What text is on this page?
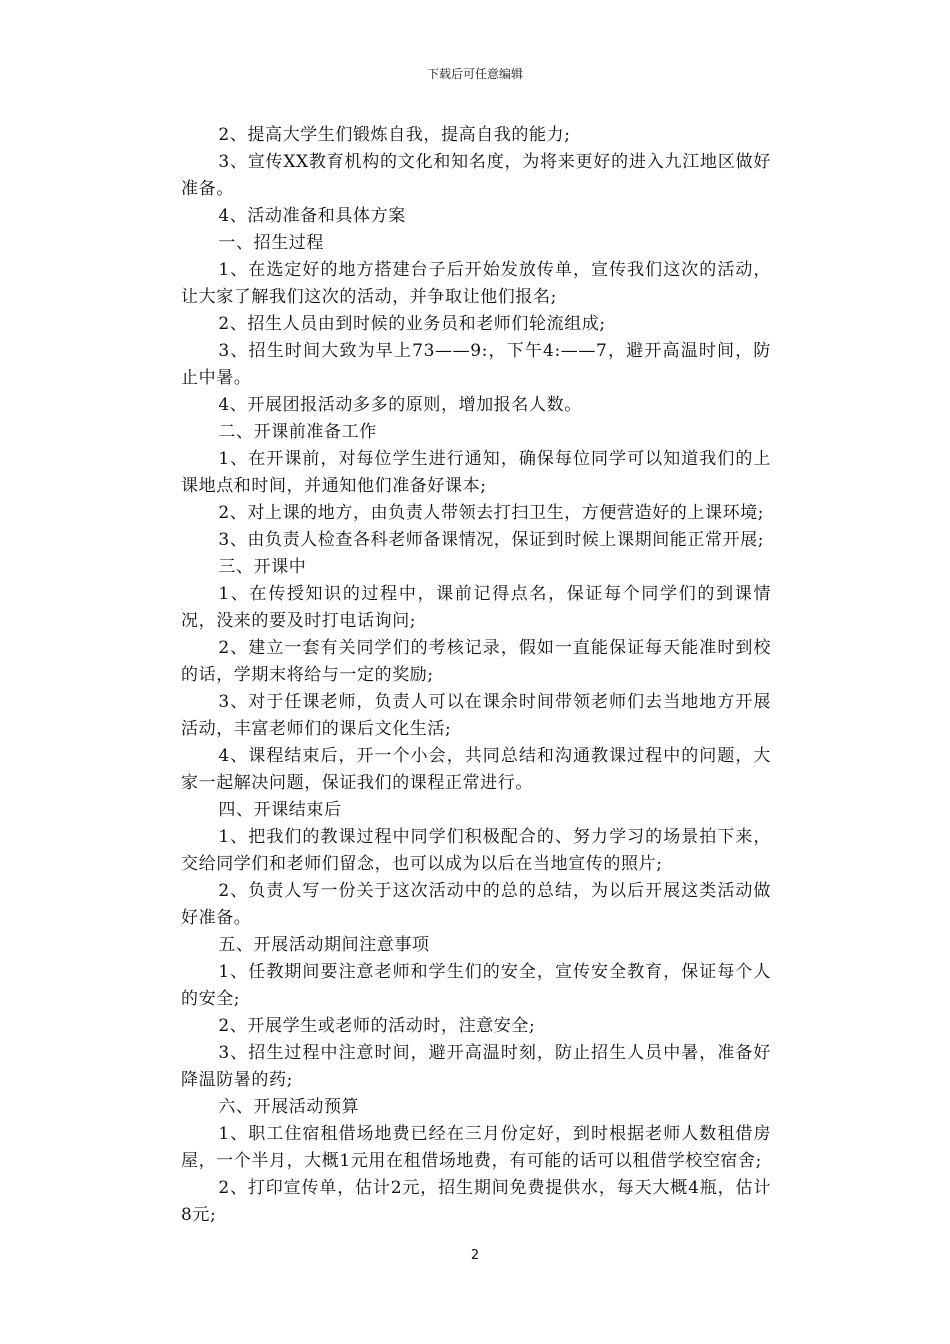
下载后可任意编辑

2、提高大学生们锻炼自我，提高自我的能力;

3、宣传XX教育机构的文化和知名度，为将来更好的进入九江地区做好准备。

4、活动准备和具体方案

一、招生过程

1、在选定好的地方搭建台子后开始发放传单，宣传我们这次的活动，让大家了解我们这次的活动，并争取让他们报名;

2、招生人员由到时候的业务员和老师们轮流组成;

3、招生时间大致为早上73——9:，下午4:——7，避开高温时间，防止中暑。

4、开展团报活动多多的原则，增加报名人数。

二、开课前准备工作

1、在开课前，对每位学生进行通知，确保每位同学可以知道我们的上课地点和时间，并通知他们准备好课本;

2、对上课的地方，由负责人带领去打扫卫生，方便营造好的上课环境;

3、由负责人检查各科老师备课情况，保证到时候上课期间能正常开展;

三、开课中

1、在传授知识的过程中，课前记得点名，保证每个同学们的到课情况，没来的要及时打电话询问;

2、建立一套有关同学们的考核记录，假如一直能保证每天能准时到校的话，学期末将给与一定的奖励;

3、对于任课老师，负责人可以在课余时间带领老师们去当地地方开展活动，丰富老师们的课后文化生活;

4、课程结束后，开一个小会，共同总结和沟通教课过程中的问题，大家一起解决问题，保证我们的课程正常进行。

四、开课结束后

1、把我们的教课过程中同学们积极配合的、努力学习的场景拍下来，交给同学们和老师们留念，也可以成为以后在当地宣传的照片;

2、负责人写一份关于这次活动中的总的总结，为以后开展这类活动做好准备。

五、开展活动期间注意事项

1、任教期间要注意老师和学生们的安全，宣传安全教育，保证每个人的安全;

2、开展学生或老师的活动时，注意安全;

3、招生过程中注意时间，避开高温时刻，防止招生人员中暑，准备好降温防暑的药;

六、开展活动预算

1、职工住宿租借场地费已经在三月份定好，到时根据老师人数租借房屋，一个半月，大概1元用在租借场地费，有可能的话可以租借学校空宿舍;

2、打印宣传单，估计2元，招生期间免费提供水，每天大概4瓶，估计8元;

2
